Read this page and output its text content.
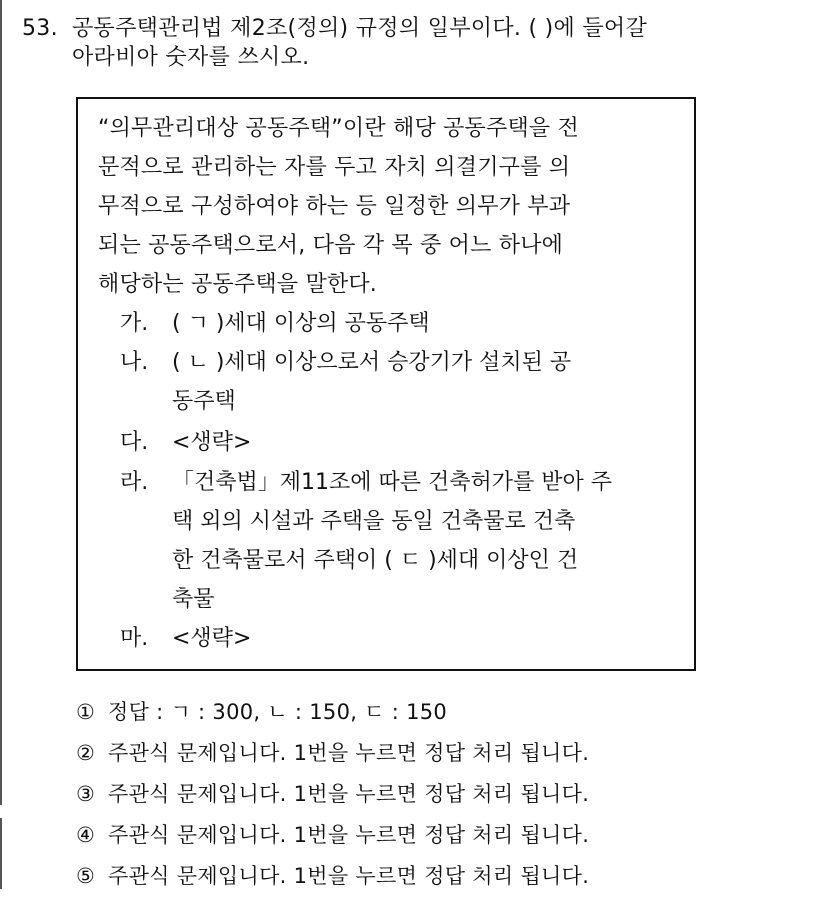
53. 공동주택관리법 제2조(정의) 규정의 일부이다. ( )에 들어갈
아라비아 숫자를 쓰시오.
“의무관리대상 공동주택”이란 해당 공동주택을 전
문적으로 관리하는 자를 두고 자치 의결기구를 의
무적으로 구성하여야 하는 등 일정한 의무가 부과
되는 공동주택으로서, 다음 각 목 중 어느 하나에
해당하는 공동주택을 말한다.
가. ( ㄱ )세대 이상의 공동주택
나. ( ㄴ )세대 이상으로서 승강기가 설치된 공
동주택
다. <생략>
라. 「건축법」제11조에 따른 건축허가를 받아 주
택 외의 시설과 주택을 동일 건축물로 건축
한 건축물로서 주택이 ( ㄷ )세대 이상인 건
축물
마. <생략>
① 정답 : ㄱ : 300, ㄴ : 150, ㄷ : 150
② 주관식 문제입니다. 1번을 누르면 정답 처리 됩니다.
③ 주관식 문제입니다. 1번을 누르면 정답 처리 됩니다.
④ 주관식 문제입니다. 1번을 누르면 정답 처리 됩니다.
⑤ 주관식 문제입니다. 1번을 누르면 정답 처리 됩니다.
